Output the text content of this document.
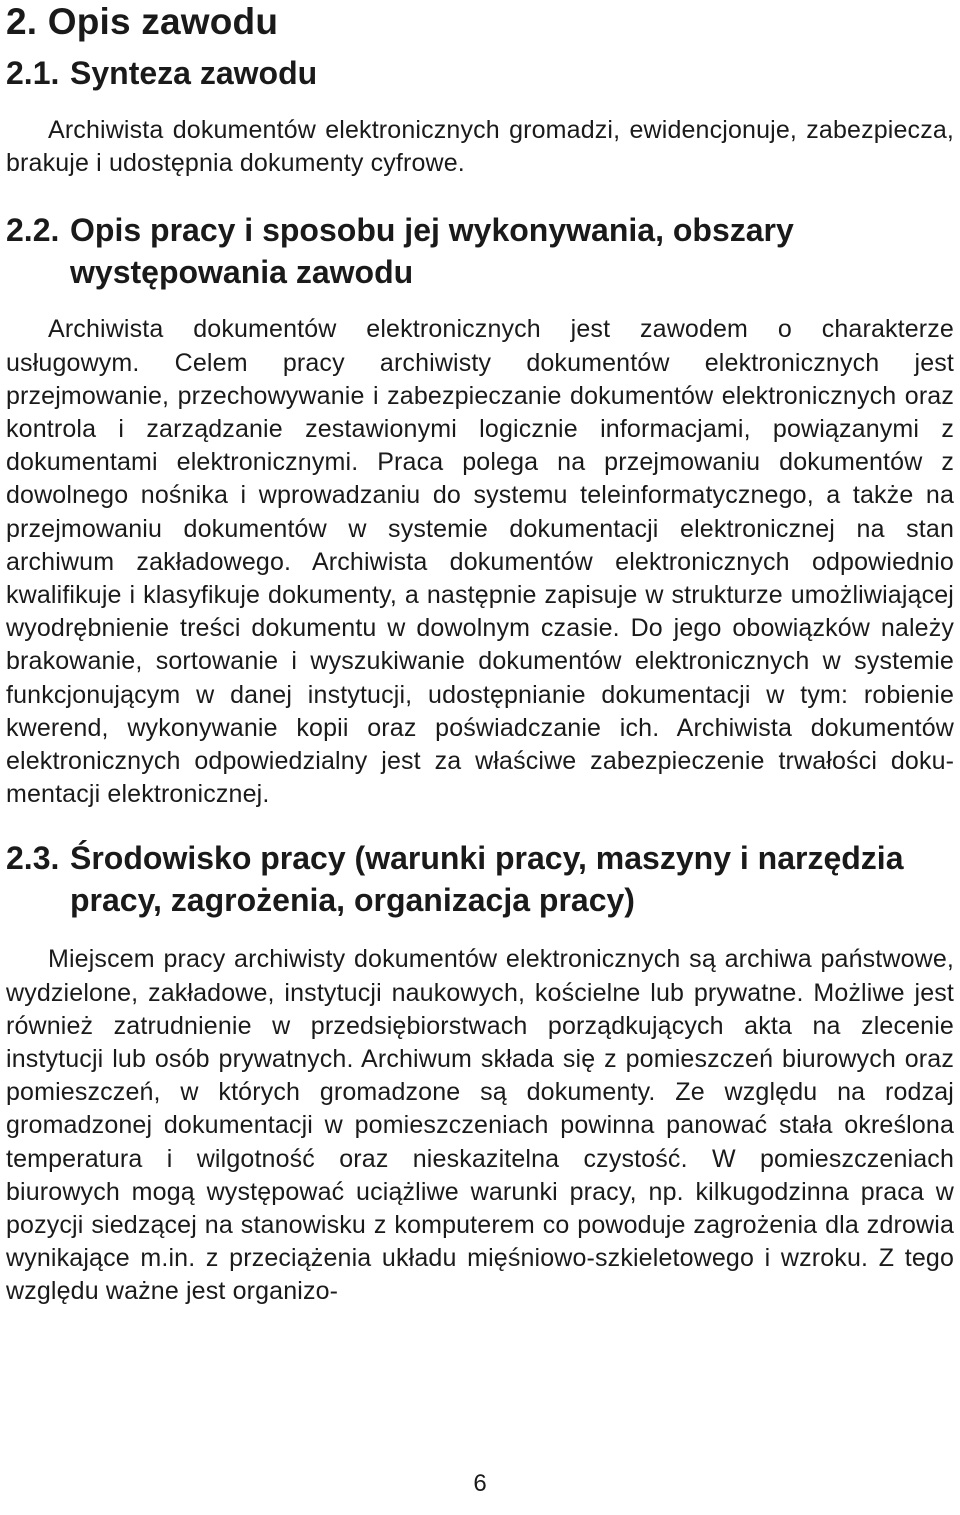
2. Opis zawodu
2.1. Synteza zawodu

Archiwista dokumentów elektronicznych gromadzi, ewidencjonuje, zabezpiecza, brakuje i udostępnia dokumenty cyfrowe.

2.2. Opis pracy i sposobu jej wykonywania, obszary występowania zawodu

Archiwista dokumentów elektronicznych jest zawodem o charakterze usługowym. Celem pracy archiwisty dokumentów elektronicznych jest przejmowanie, przechowywanie i zabezpieczanie dokumentów elektronicznych oraz kontrola i zarządzanie zestawionymi logicznie informacjami, powiązanymi z dokumentami elektronicznymi. Praca polega na przejmowaniu dokumentów z dowolnego nośnika i wprowadzaniu do systemu teleinformatycznego, a także na przejmowaniu dokumentów w systemie dokumentacji elektronicznej na stan archiwum zakładowego. Archiwista dokumentów elektronicznych odpowiednio kwalifikuje i klasyfikuje dokumenty, a następnie zapisuje w strukturze umożliwiającej wyodrębnienie treści dokumentu w dowolnym czasie. Do jego obowiązków należy brakowanie, sortowanie i wyszukiwanie dokumentów elektronicznych w systemie funkcjonującym w danej instytucji, udostępnianie dokumentacji w tym: robienie kwerend, wykonywanie kopii oraz poświadczanie ich. Archiwista dokumentów elektronicznych odpowiedzialny jest za właściwe zabezpieczenie trwałości dokumentacji elektronicznej.

2.3. Środowisko pracy (warunki pracy, maszyny i narzędzia pracy, zagrożenia, organizacja pracy)

Miejscem pracy archiwisty dokumentów elektronicznych są archiwa państwowe, wydzielone, zakładowe, instytucji naukowych, kościelne lub prywatne. Możliwe jest również zatrudnienie w przedsiębiorstwach porządkujących akta na zlecenie instytucji lub osób prywatnych. Archiwum składa się z pomieszczeń biurowych oraz pomieszczeń, w których gromadzone są dokumenty. Ze względu na rodzaj gromadzonej dokumentacji w pomieszczeniach powinna panować stała określona temperatura i wilgotność oraz nieskazitelna czystość. W pomieszczeniach biurowych mogą występować uciążliwe warunki pracy, np. kilkugodzinna praca w pozycji siedzącej na stanowisku z komputerem co powoduje zagrożenia dla zdrowia wynikające m.in. z przeciążenia układu mięśniowo-szkieletowego i wzroku. Z tego względu ważne jest organizo-

6
